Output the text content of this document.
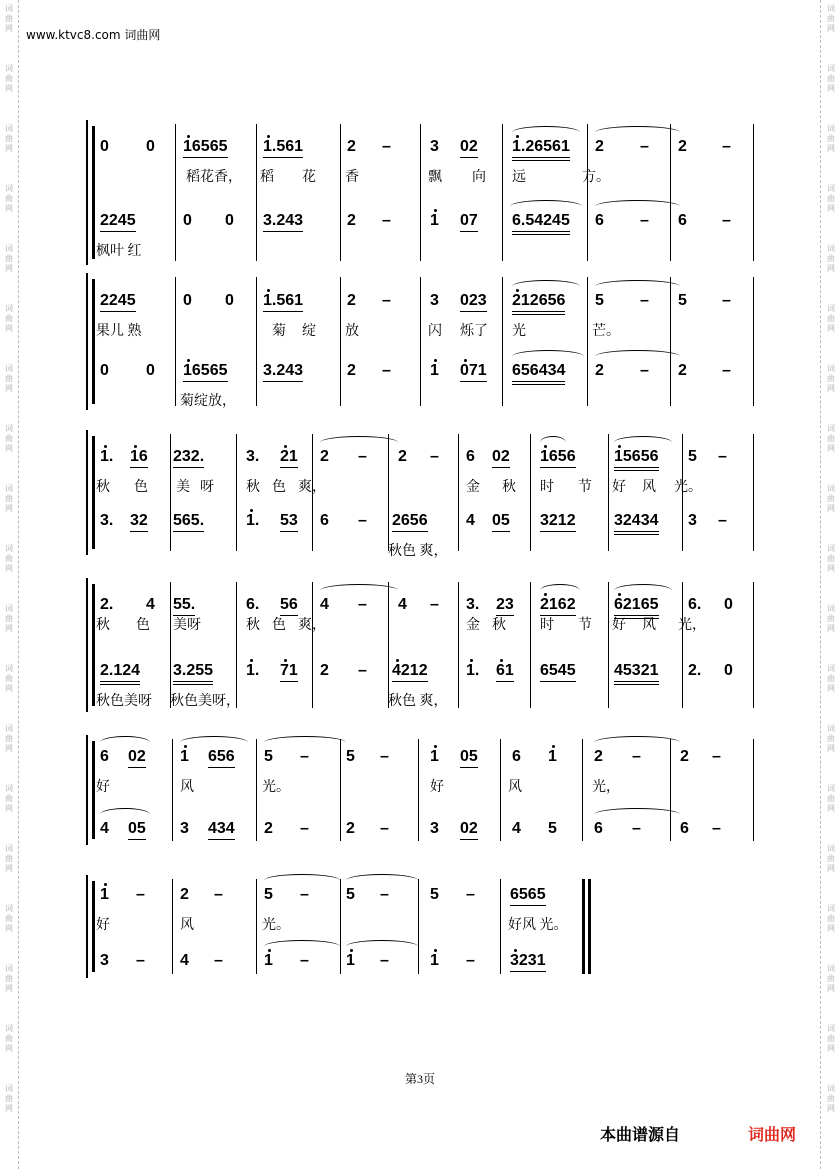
词
曲
网
词
曲
网
词
曲
网
词
曲
网
词
曲
网
词
曲
网
词
曲
网
词
曲
网
词
曲
网
词
曲
网
词
曲
网
词
曲
网
词
曲
网
词
曲
网
词
曲
网
词
曲
网
词
曲
网
词
曲
网
词
曲
网
词
曲
网
词
曲
网
词
曲
网
词
曲
网
词
曲
网
词
曲
网
词
曲
网
词
曲
网
词
曲
网
词
曲
网
词
曲
网
词
曲
网
词
曲
网
词
曲
网
词
曲
网
词
曲
网
词
曲
网
词
曲
网
词
曲
网
www.ktvc8.com 词曲网
0 0 16565 1.561	2 – 3 02 1.26561 2 – 2 –
2245	0 0 3.243	2 – 1 07 6.54245 6 – 6 –
稻花香， 稻 花 香	飘 向 远	方。
枫叶 红
2245	0 0 1.561	2 – 3 023 212656 5 – 5 –
0 0 16565 3.243	2 – 1 071 656434 2 – 2 –
果儿 熟	菊 绽 放	闪 烁了 光	芒。
菊绽放，
1. 16 232.	3. 21 2 – 2 – 6 02 1656 15656 5 –
3. 32 565.	1. 53 6 – 2656 4 05 3212 32434 3 –
秋 色 美 呀 秋 色 爽，	金 秋 时 节 好 风 光。
秋色 爽，
2. 4 55.	6. 56 4 – 4 – 3. 23 2162 62165 6. 0
2.124 3.255 1. 71 2 – 4212 1. 61 6545 45321 2. 0
秋 色 美呀	秋 色 爽，	金 秋 时 节 好 风 光，
秋色美呀 秋色美呀，	秋色 爽，
6 02 1 656 5 – 5 –	1 05 6 1 2 – 2 –
4 05 3 434 2 – 2 –	3 02 4 5 6 – 6 –
好	风	光。	好	风	光，
1 – 2 –	5 – 5 –	5 – 6565
3 – 4 –	1 – 1 –	1 – 3231
好	风	光。	好风 光。
第3页
本曲谱源自	词曲网
